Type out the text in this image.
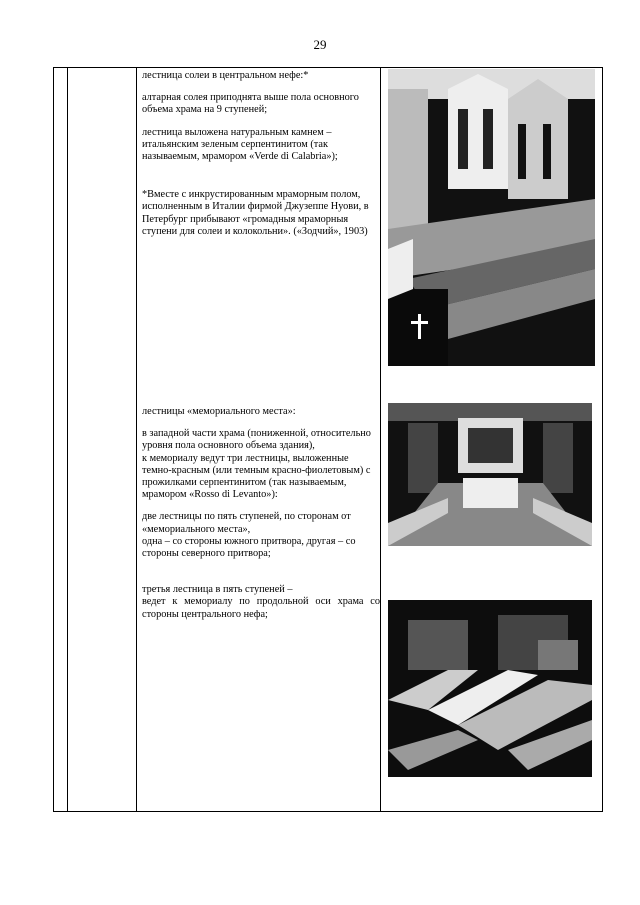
29

лестница солеи в центральном нефе:*

алтарная солея приподнята выше пола основного объема храма на 9 ступеней;

лестница выложена натуральным камнем – итальянским зеленым серпентинитом (так называемым, мрамором «Verde di Calabria»);

*Вместе с инкрустированным мраморным полом, исполненным в Италии фирмой Джузеппе Нуови, в Петербург прибывают «громадныя мраморныя ступени для солеи и колокольни». («Зодчий», 1903)

лестницы «мемориального места»:

в западной части храма (пониженной, относительно уровня пола основного объема здания),

к мемориалу ведут три лестницы, выложенные темно-красным (или темным красно-фиолетовым) с прожилками серпентинитом (так называемым, мрамором «Rosso di Levanto»):

две лестницы по пять ступеней, по сторонам от «мемориального места»,

одна – со стороны южного притвора, другая – со стороны северного притвора;

третья лестница в пять ступеней –

ведет к мемориалу по продольной оси храма со стороны центрального нефа;
